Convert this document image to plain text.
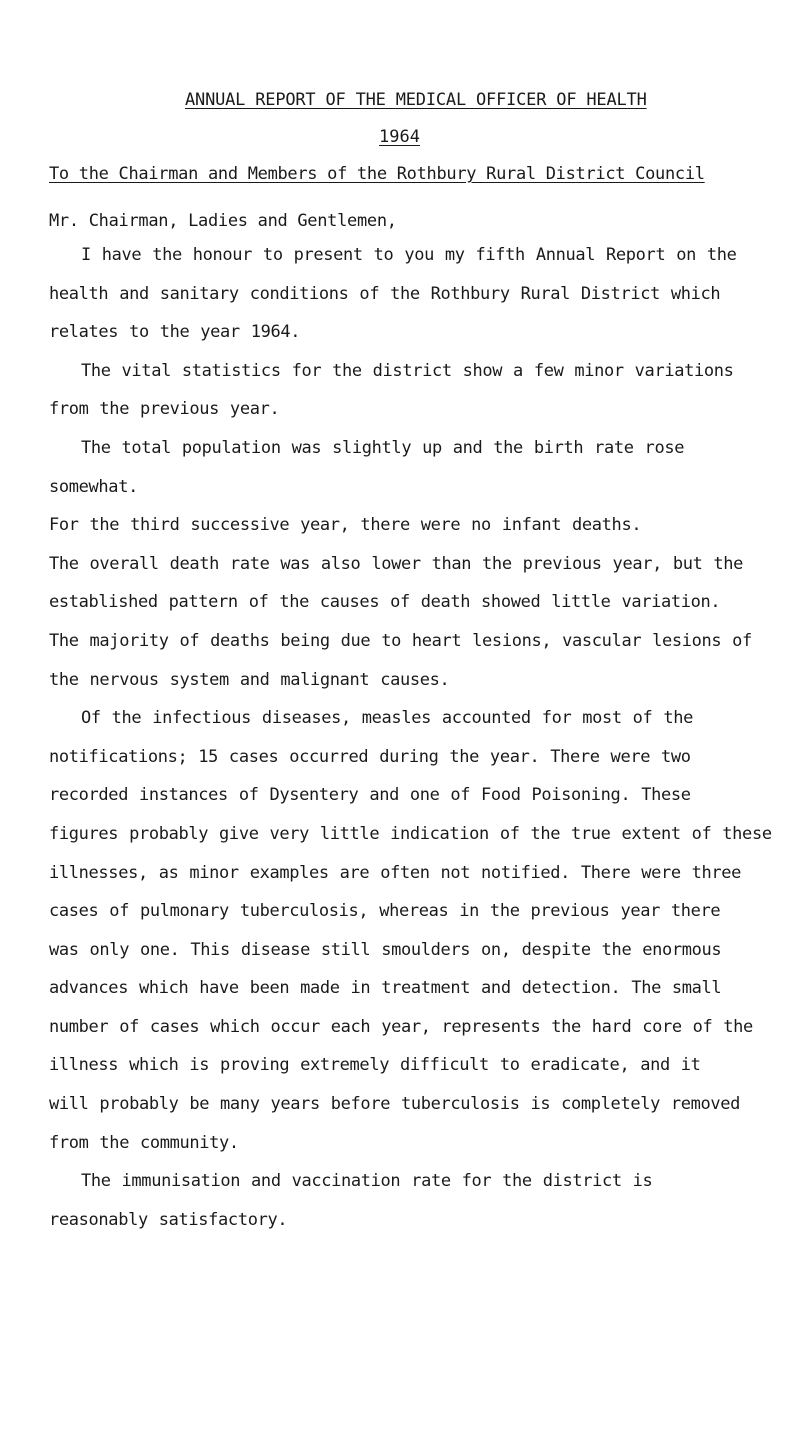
ANNUAL REPORT OF THE MEDICAL OFFICER OF HEALTH
1964
To the Chairman and Members of the Rothbury Rural District Council
Mr. Chairman, Ladies and Gentlemen,

I have the honour to present to you my fifth Annual Report on the
health and sanitary conditions of the Rothbury Rural District which
relates to the year 1964.
The vital statistics for the district show a few minor variations
from the previous year.
The total population was slightly up and the birth rate rose
somewhat.
For the third successive year, there were no infant deaths.
The overall death rate was also lower than the previous year, but the
established pattern of the causes of death showed little variation.
The majority of deaths being due to heart lesions, vascular lesions of
the nervous system and malignant causes.
Of the infectious diseases, measles accounted for most of the
notifications; 15 cases occurred during the year. There were two
recorded instances of Dysentery and one of Food Poisoning. These
figures probably give very little indication of the true extent of these
illnesses, as minor examples are often not notified. There were three
cases of pulmonary tuberculosis, whereas in the previous year there
was only one. This disease still smoulders on, despite the enormous
advances which have been made in treatment and detection. The small
number of cases which occur each year, represents the hard core of the
illness which is proving extremely difficult to eradicate, and it
will probably be many years before tuberculosis is completely removed
from the community.
The immunisation and vaccination rate for the district is
reasonably satisfactory.
